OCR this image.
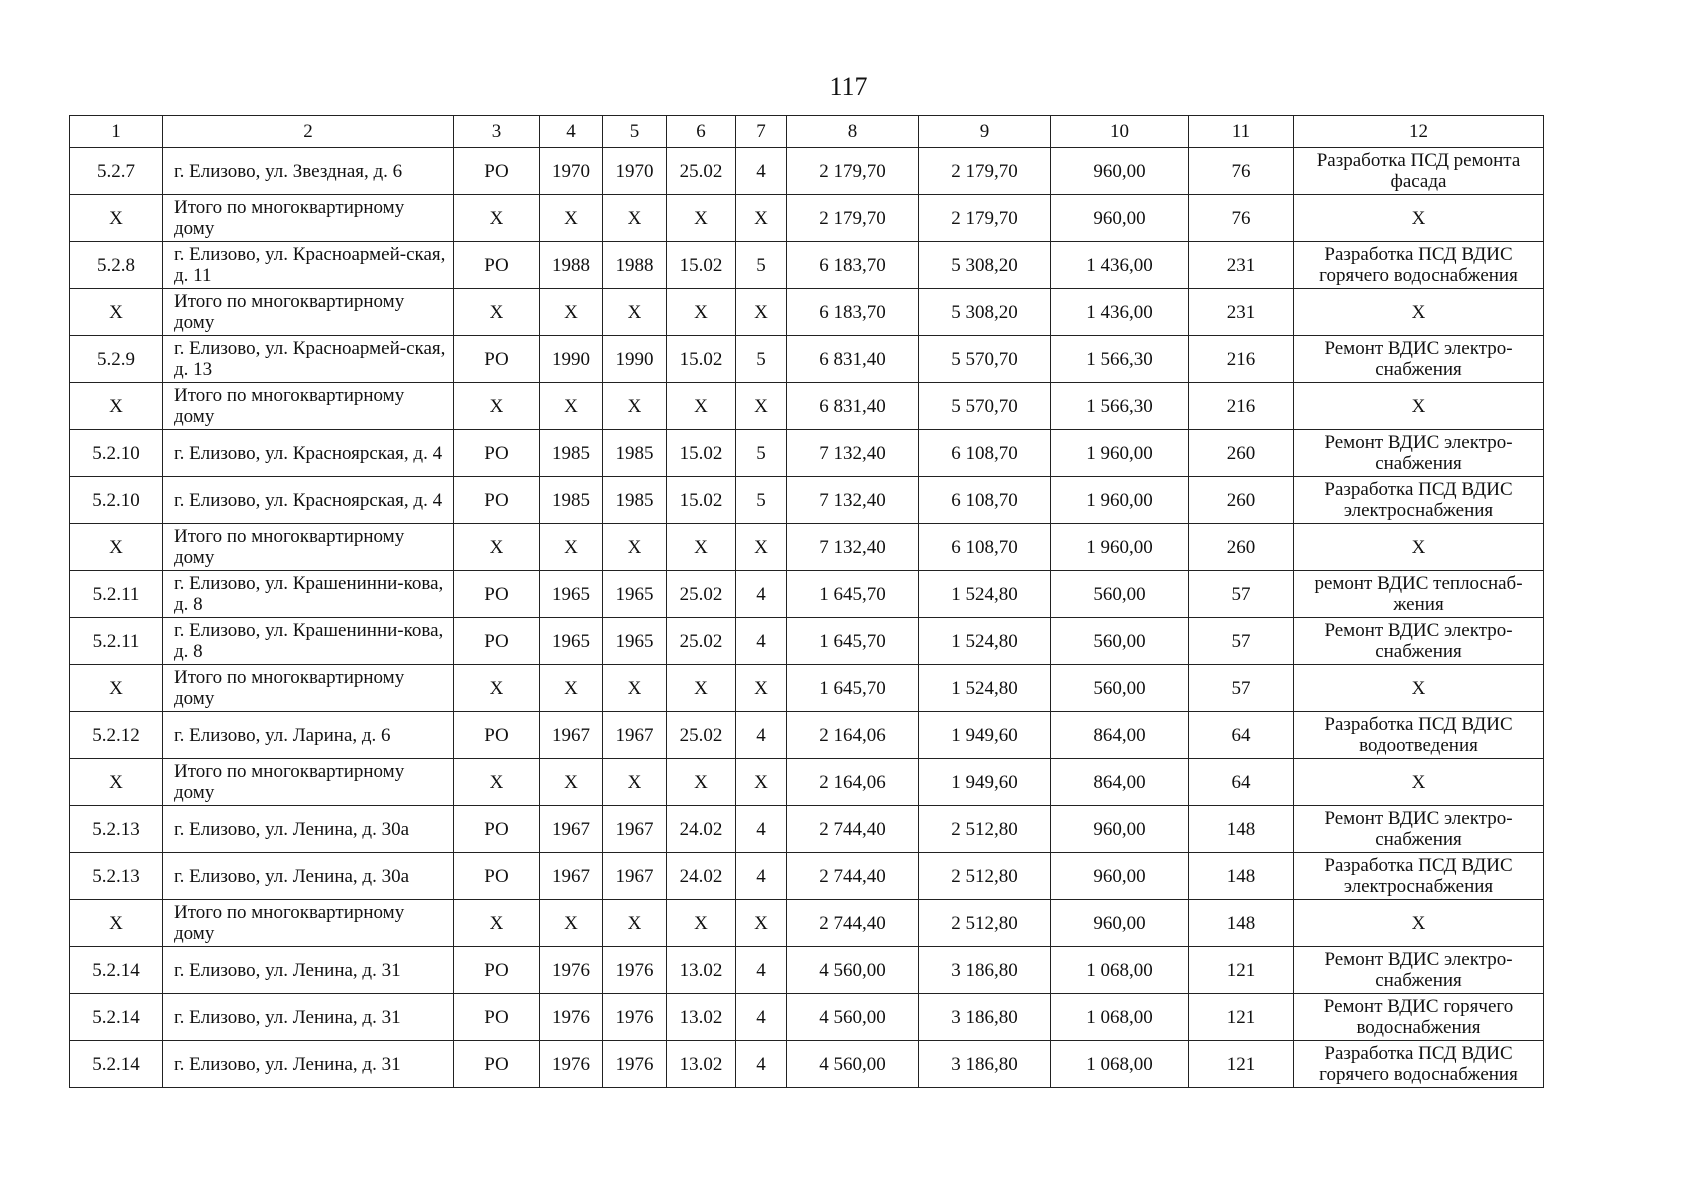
117
1	2	3	4	5	6	7	8	9	10	11	12
5.2.7	г. Елизово, ул. Звездная, д. 6	РО	1970	1970	25.02	4	2 179,70	2 179,70	960,00	76	Разработка ПСД ремонта фасада
X	Итого по многоквартирному дому	X	X	X	X	X	2 179,70	2 179,70	960,00	76	X
5.2.8	г. Елизово, ул. Красноармей-ская, д. 11	РО	1988	1988	15.02	5	6 183,70	5 308,20	1 436,00	231	Разработка ПСД ВДИС горячего водоснабжения
X	Итого по многоквартирному дому	X	X	X	X	X	6 183,70	5 308,20	1 436,00	231	X
5.2.9	г. Елизово, ул. Красноармей-ская, д. 13	РО	1990	1990	15.02	5	6 831,40	5 570,70	1 566,30	216	Ремонт ВДИС электро-снабжения
X	Итого по многоквартирному дому	X	X	X	X	X	6 831,40	5 570,70	1 566,30	216	X
5.2.10	г. Елизово, ул. Красноярская, д. 4	РО	1985	1985	15.02	5	7 132,40	6 108,70	1 960,00	260	Ремонт ВДИС электро-снабжения
5.2.10	г. Елизово, ул. Красноярская, д. 4	РО	1985	1985	15.02	5	7 132,40	6 108,70	1 960,00	260	Разработка ПСД ВДИС электроснабжения
X	Итого по многоквартирному дому	X	X	X	X	X	7 132,40	6 108,70	1 960,00	260	X
5.2.11	г. Елизово, ул. Крашенинни-кова, д. 8	РО	1965	1965	25.02	4	1 645,70	1 524,80	560,00	57	ремонт ВДИС теплоснаб-жения
5.2.11	г. Елизово, ул. Крашенинни-кова, д. 8	РО	1965	1965	25.02	4	1 645,70	1 524,80	560,00	57	Ремонт ВДИС электро-снабжения
X	Итого по многоквартирному дому	X	X	X	X	X	1 645,70	1 524,80	560,00	57	X
5.2.12	г. Елизово, ул. Ларина, д. 6	РО	1967	1967	25.02	4	2 164,06	1 949,60	864,00	64	Разработка ПСД ВДИС водоотведения
X	Итого по многоквартирному дому	X	X	X	X	X	2 164,06	1 949,60	864,00	64	X
5.2.13	г. Елизово, ул. Ленина, д. 30а	РО	1967	1967	24.02	4	2 744,40	2 512,80	960,00	148	Ремонт ВДИС электро-снабжения
5.2.13	г. Елизово, ул. Ленина, д. 30а	РО	1967	1967	24.02	4	2 744,40	2 512,80	960,00	148	Разработка ПСД ВДИС электроснабжения
X	Итого по многоквартирному дому	X	X	X	X	X	2 744,40	2 512,80	960,00	148	X
5.2.14	г. Елизово, ул. Ленина, д. 31	РО	1976	1976	13.02	4	4 560,00	3 186,80	1 068,00	121	Ремонт ВДИС электро-снабжения
5.2.14	г. Елизово, ул. Ленина, д. 31	РО	1976	1976	13.02	4	4 560,00	3 186,80	1 068,00	121	Ремонт ВДИС горячего водоснабжения
5.2.14	г. Елизово, ул. Ленина, д. 31	РО	1976	1976	13.02	4	4 560,00	3 186,80	1 068,00	121	Разработка ПСД ВДИС горячего водоснабжения
